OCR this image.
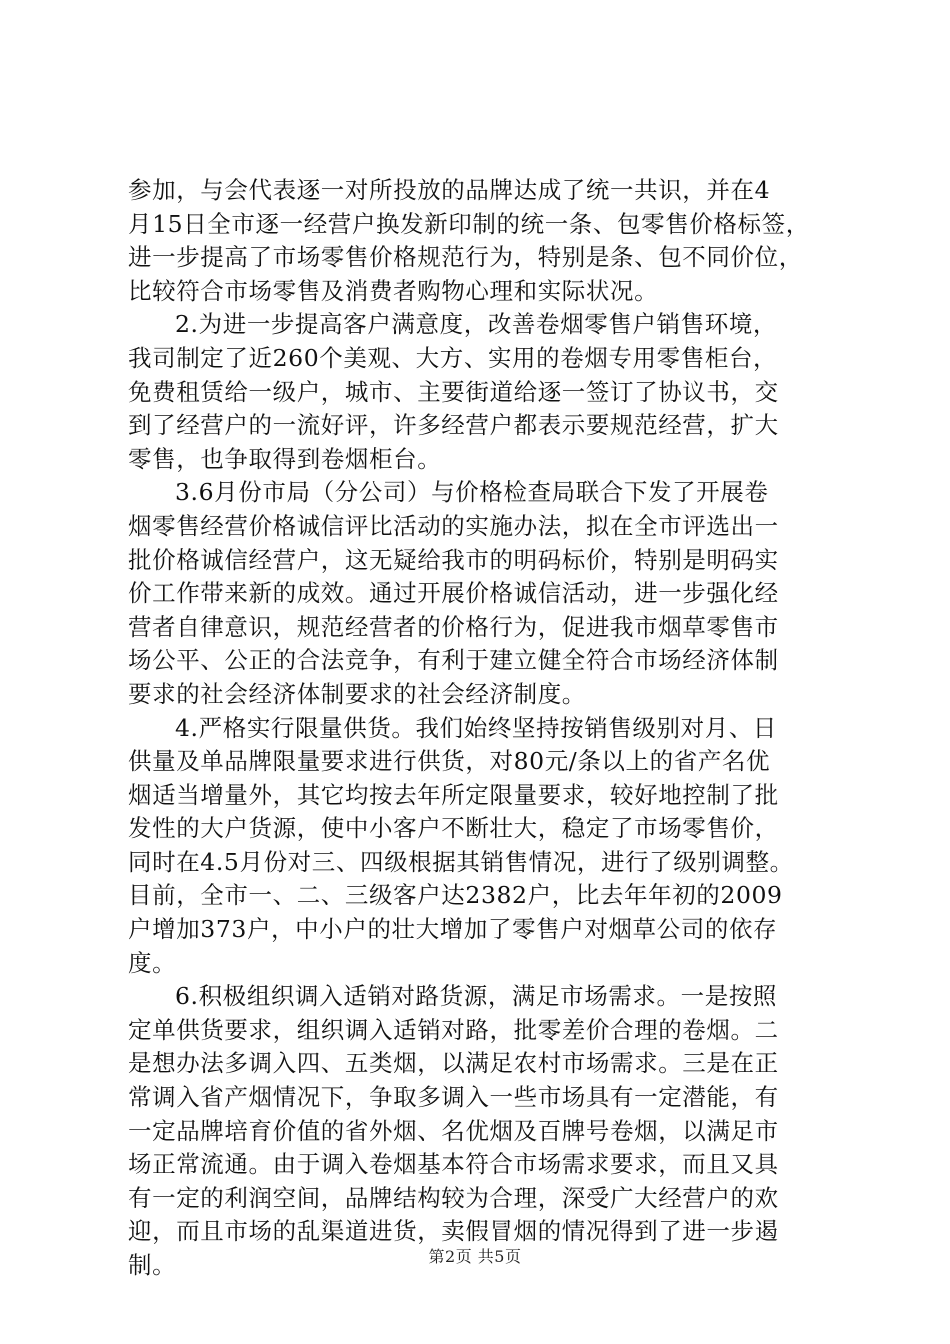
参加，与会代表逐一对所投放的品牌达成了统一共识，并在4
月15日全市逐一经营户换发新印制的统一条、包零售价格标签，
进一步提高了市场零售价格规范行为，特别是条、包不同价位，
比较符合市场零售及消费者购物心理和实际状况。
2.为进一步提高客户满意度，改善卷烟零售户销售环境，
我司制定了近260个美观、大方、实用的卷烟专用零售柜台，
免费租赁给一级户，城市、主要街道给逐一签订了协议书，交
到了经营户的一流好评，许多经营户都表示要规范经营，扩大
零售，也争取得到卷烟柜台。
3.6月份市局（分公司）与价格检查局联合下发了开展卷
烟零售经营价格诚信评比活动的实施办法，拟在全市评选出一
批价格诚信经营户，这无疑给我市的明码标价，特别是明码实
价工作带来新的成效。通过开展价格诚信活动，进一步强化经
营者自律意识，规范经营者的价格行为，促进我市烟草零售市
场公平、公正的合法竞争，有利于建立健全符合市场经济体制
要求的社会经济体制要求的社会经济制度。
4.严格实行限量供货。我们始终坚持按销售级别对月、日
供量及单品牌限量要求进行供货，对80元/条以上的省产名优
烟适当增量外，其它均按去年所定限量要求，较好地控制了批
发性的大户货源，使中小客户不断壮大，稳定了市场零售价，
同时在4.5月份对三、四级根据其销售情况，进行了级别调整。
目前，全市一、二、三级客户达2382户，比去年年初的2009
户增加373户，中小户的壮大增加了零售户对烟草公司的依存
度。
6.积极组织调入适销对路货源，满足市场需求。一是按照
定单供货要求，组织调入适销对路，批零差价合理的卷烟。二
是想办法多调入四、五类烟，以满足农村市场需求。三是在正
常调入省产烟情况下，争取多调入一些市场具有一定潜能，有
一定品牌培育价值的省外烟、名优烟及百牌号卷烟，以满足市
场正常流通。由于调入卷烟基本符合市场需求要求，而且又具
有一定的利润空间，品牌结构较为合理，深受广大经营户的欢
迎，而且市场的乱渠道进货，卖假冒烟的情况得到了进一步遏
制。	第2页 共5页
